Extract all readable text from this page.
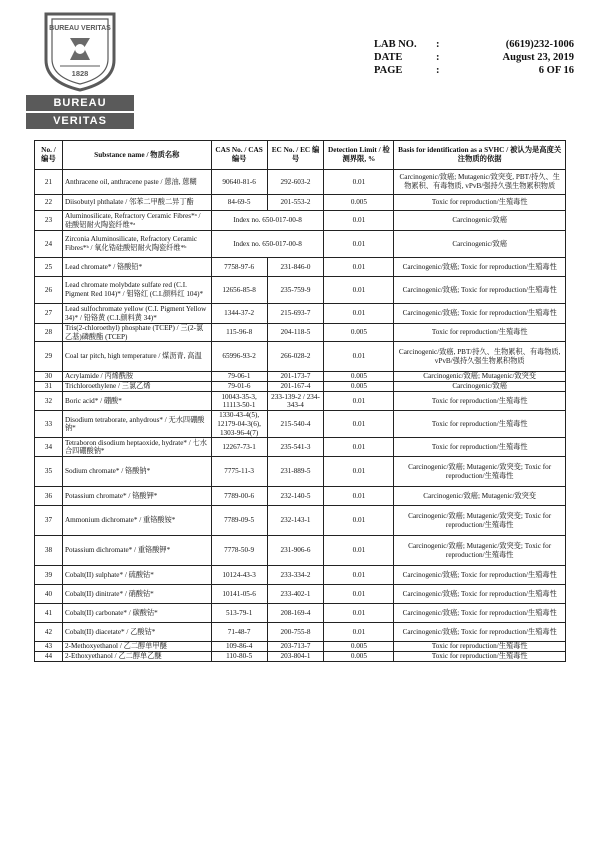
BUREAU VERITAS
1828
BUREAU
VERITAS
LAB NO.	:	(6619)232-1006
DATE	:	August 23, 2019
PAGE	:	6 OF 16
No. / 编号	Substance name / 物质名称	CAS No. / CAS 编号	EC No. / EC 编号	Detection Limit / 检测界限, %	Basis for identification as a SVHC / 被认为是高度关注物质的依据
21	Anthracene oil, anthracene paste / 蒽油, 蒽糊	90640-81-6	292-603-2	0.01	Carcinogenic/致癌; Mutagenic/致突变, PBT/持久、生物累积、有毒物质, vPvB/强持久强生物累积物质
22	Diisobutyl phthalate / 邻苯二甲酸二异丁酯	84-69-5	201-553-2	0.005	Toxic for reproduction/生殖毒性
23	Aluminosilicate, Refractory Ceramic Fibres*ᵃ / 硅酸铝耐火陶瓷纤维*ᵃ	Index no. 650-017-00-8		0.01	Carcinogenic/致癌
24	Zirconia Aluminosilicate, Refractory Ceramic Fibres*ᵇ / 氧化锆硅酸铝耐火陶瓷纤维*ᵇ	Index no. 650-017-00-8		0.01	Carcinogenic/致癌
25	Lead chromate* / 铬酸铅*	7758-97-6	231-846-0	0.01	Carcinogenic/致癌; Toxic for reproduction/生殖毒性
26	Lead chromate molybdate sulfate red (C.I. Pigment Red 104)* / 钼铬红 (C.I.颜料红 104)*	12656-85-8	235-759-9	0.01	Carcinogenic/致癌; Toxic for reproduction/生殖毒性
27	Lead sulfochromate yellow (C.I. Pigment Yellow 34)* / 铅铬黄 (C.I.颜料黄 34)*	1344-37-2	215-693-7	0.01	Carcinogenic/致癌; Toxic for reproduction/生殖毒性
28	Tris(2-chloroethyl) phosphate (TCEP) / 三(2-氯乙基)磷酸酯 (TCEP)	115-96-8	204-118-5	0.005	Toxic for reproduction/生殖毒性
29	Coal tar pitch, high temperature / 煤沥青, 高温	65996-93-2	266-028-2	0.01	Carcinogenic/致癌, PBT/持久、生物累积、有毒物质, vPvB/强持久强生物累积物质
30	Acrylamide / 丙烯酰胺	79-06-1	201-173-7	0.005	Carcinogenic/致癌; Mutagenic/致突变
31	Trichloroethylene / 三氯乙烯	79-01-6	201-167-4	0.005	Carcinogenic/致癌
32	Boric acid* / 硼酸*	10043-35-3, 11113-50-1	233-139-2 / 234-343-4	0.01	Toxic for reproduction/生殖毒性
33	Disodium tetraborate, anhydrous* / 无水四硼酸钠*	1330-43-4(5), 12179-04-3(6), 1303-96-4(7)	215-540-4	0.01	Toxic for reproduction/生殖毒性
34	Tetraboron disodium heptaoxide, hydrate* / 七水合四硼酸钠*	12267-73-1	235-541-3	0.01	Toxic for reproduction/生殖毒性
35	Sodium chromate* / 铬酸钠*	7775-11-3	231-889-5	0.01	Carcinogenic/致癌; Mutagenic/致突变; Toxic for reproduction/生殖毒性
36	Potassium chromate* / 铬酸钾*	7789-00-6	232-140-5	0.01	Carcinogenic/致癌; Mutagenic/致突变
37	Ammonium dichromate* / 重铬酸铵*	7789-09-5	232-143-1	0.01	Carcinogenic/致癌; Mutagenic/致突变; Toxic for reproduction/生殖毒性
38	Potassium dichromate* / 重铬酸钾*	7778-50-9	231-906-6	0.01	Carcinogenic/致癌; Mutagenic/致突变; Toxic for reproduction/生殖毒性
39	Cobalt(II) sulphate* / 硫酸钴*	10124-43-3	233-334-2	0.01	Carcinogenic/致癌; Toxic for reproduction/生殖毒性
40	Cobalt(II) dinitrate* / 硝酸钴*	10141-05-6	233-402-1	0.01	Carcinogenic/致癌; Toxic for reproduction/生殖毒性
41	Cobalt(II) carbonate* / 碳酸钴*	513-79-1	208-169-4	0.01	Carcinogenic/致癌; Toxic for reproduction/生殖毒性
42	Cobalt(II) diacetate* / 乙酸钴*	71-48-7	200-755-8	0.01	Carcinogenic/致癌; Toxic for reproduction/生殖毒性
43	2-Methoxyethanol / 乙二醇单甲醚	109-86-4	203-713-7	0.005	Toxic for reproduction/生殖毒性
44	2-Ethoxyethanol / 乙二醇单乙醚	110-80-5	203-804-1	0.005	Toxic for reproduction/生殖毒性
